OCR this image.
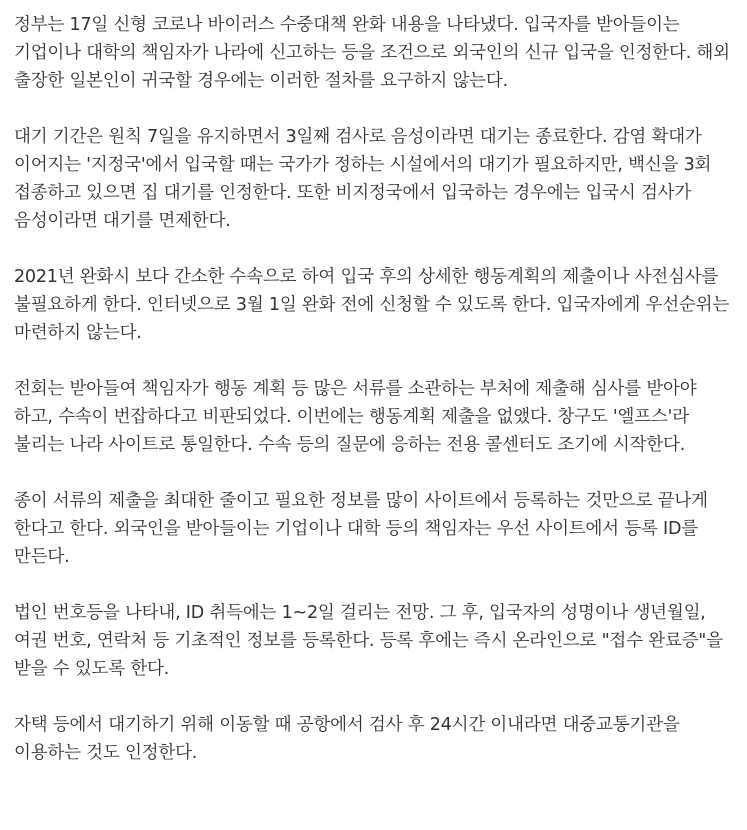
정부는 17일 신형 코로나 바이러스 수중대책 완화 내용을 나타냈다. 입국자를 받아들이는 기업이나 대학의 책임자가 나라에 신고하는 등을 조건으로 외국인의 신규 입국을 인정한다. 해외 출장한 일본인이 귀국할 경우에는 이러한 절차를 요구하지 않는다.

대기 기간은 원칙 7일을 유지하면서 3일째 검사로 음성이라면 대기는 종료한다. 감염 확대가 이어지는 '지정국'에서 입국할 때는 국가가 정하는 시설에서의 대기가 필요하지만, 백신을 3회 접종하고 있으면 집 대기를 인정한다. 또한 비지정국에서 입국하는 경우에는 입국시 검사가 음성이라면 대기를 면제한다.

2021년 완화시 보다 간소한 수속으로 하여 입국 후의 상세한 행동계획의 제출이나 사전심사를 불필요하게 한다. 인터넷으로 3월 1일 완화 전에 신청할 수 있도록 한다. 입국자에게 우선순위는 마련하지 않는다.

전회는 받아들여 책임자가 행동 계획 등 많은 서류를 소관하는 부처에 제출해 심사를 받아야 하고, 수속이 번잡하다고 비판되었다. 이번에는 행동계획 제출을 없앴다. 창구도 '엘프스'라 불리는 나라 사이트로 통일한다. 수속 등의 질문에 응하는 전용 콜센터도 조기에 시작한다.

종이 서류의 제출을 최대한 줄이고 필요한 정보를 많이 사이트에서 등록하는 것만으로 끝나게 한다고 한다. 외국인을 받아들이는 기업이나 대학 등의 책임자는 우선 사이트에서 등록 ID를 만든다.

법인 번호등을 나타내, ID 취득에는 1~2일 걸리는 전망. 그 후, 입국자의 성명이나 생년월일, 여권 번호, 연락처 등 기초적인 정보를 등록한다. 등록 후에는 즉시 온라인으로 "접수 완료증"을 받을 수 있도록 한다.

자택 등에서 대기하기 위해 이동할 때 공항에서 검사 후 24시간 이내라면 대중교통기관을 이용하는 것도 인정한다.
